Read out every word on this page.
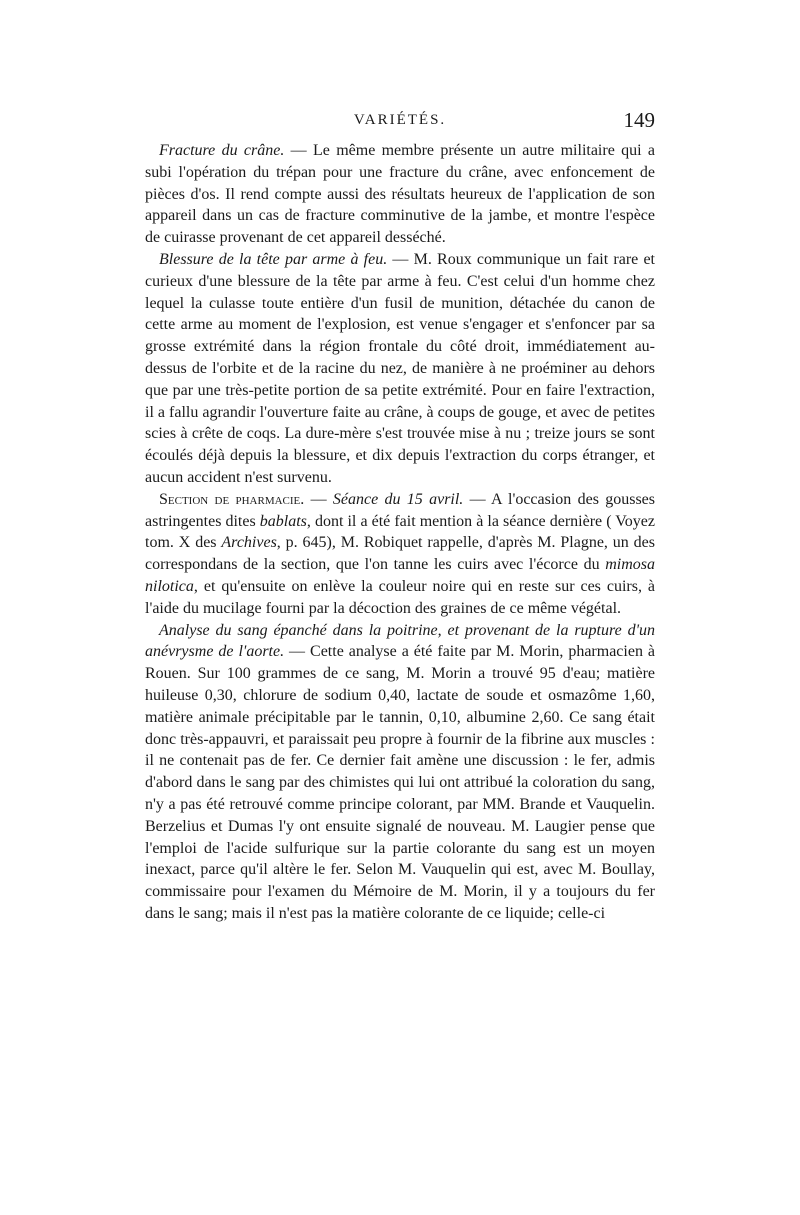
VARIÉTÉS.	149

Fracture du crâne. — Le même membre présente un autre militaire qui a subi l'opération du trépan pour une fracture du crâne, avec enfoncement de pièces d'os. Il rend compte aussi des résultats heureux de l'application de son appareil dans un cas de fracture comminutive de la jambe, et montre l'espèce de cuirasse provenant de cet appareil desséché.

Blessure de la tête par arme à feu. — M. Roux communique un fait rare et curieux d'une blessure de la tête par arme à feu. C'est celui d'un homme chez lequel la culasse toute entière d'un fusil de munition, détachée du canon de cette arme au moment de l'explosion, est venue s'engager et s'enfoncer par sa grosse extrémité dans la région frontale du côté droit, immédiatement au-dessus de l'orbite et de la racine du nez, de manière à ne proéminer au dehors que par une très-petite portion de sa petite extrémité. Pour en faire l'extraction, il a fallu agrandir l'ouverture faite au crâne, à coups de gouge, et avec de petites scies à crête de coqs. La dure-mère s'est trouvée mise à nu ; treize jours se sont écoulés déjà depuis la blessure, et dix depuis l'extraction du corps étranger, et aucun accident n'est survenu.

Section de pharmacie. — Séance du 15 avril. — A l'occasion des gousses astringentes dites bablats, dont il a été fait mention à la séance dernière ( Voyez tom. X des Archives, p. 645), M. Robiquet rappelle, d'après M. Plagne, un des correspondans de la section, que l'on tanne les cuirs avec l'écorce du mimosa nilotica, et qu'ensuite on enlève la couleur noire qui en reste sur ces cuirs, à l'aide du mucilage fourni par la décoction des graines de ce même végétal.

Analyse du sang épanché dans la poitrine, et provenant de la rupture d'un anévrysme de l'aorte. — Cette analyse a été faite par M. Morin, pharmacien à Rouen. Sur 100 grammes de ce sang, M. Morin a trouvé 95 d'eau; matière huileuse 0,30, chlorure de sodium 0,40, lactate de soude et osmazôme 1,60, matière animale précipitable par le tannin, 0,10, albumine 2,60. Ce sang était donc très-appauvri, et paraissait peu propre à fournir de la fibrine aux muscles : il ne contenait pas de fer. Ce dernier fait amène une discussion : le fer, admis d'abord dans le sang par des chimistes qui lui ont attribué la coloration du sang, n'y a pas été retrouvé comme principe colorant, par MM. Brande et Vauquelin. Berzelius et Dumas l'y ont ensuite signalé de nouveau. M. Laugier pense que l'emploi de l'acide sulfurique sur la partie colorante du sang est un moyen inexact, parce qu'il altère le fer. Selon M. Vauquelin qui est, avec M. Boullay, commissaire pour l'examen du Mémoire de M. Morin, il y a toujours du fer dans le sang; mais il n'est pas la matière colorante de ce liquide; celle-ci
